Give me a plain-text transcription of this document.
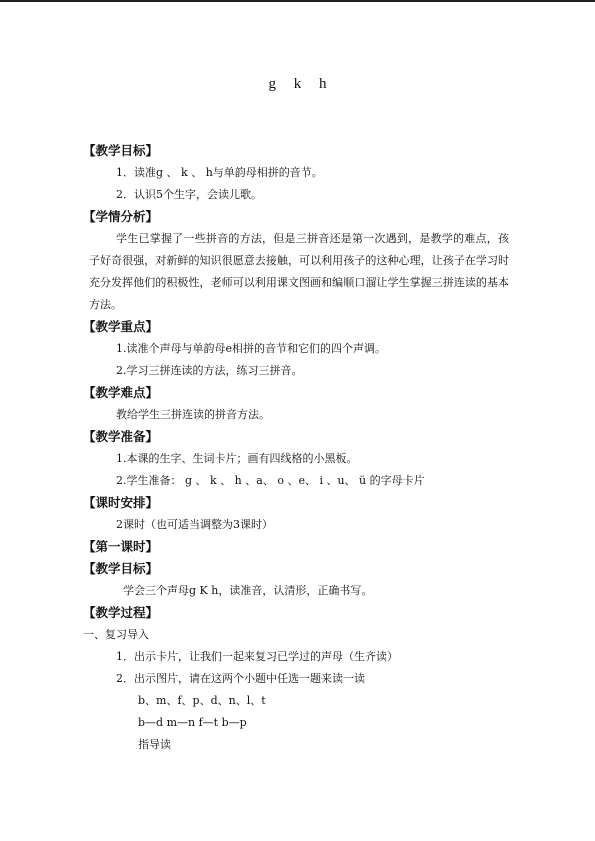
g k h
【教学目标】
1．读准g 、 k 、 h与单韵母相拼的音节。
2．认识5个生字，会读儿歌。
【学情分析】
学生已掌握了一些拼音的方法，但是三拼音还是第一次遇到，是教学的难点，孩子好奇很强，对新鲜的知识很愿意去接触，可以利用孩子的这种心理，让孩子在学习时充分发挥他们的积极性，老师可以利用课文图画和编顺口溜让学生掌握三拼连读的基本方法。
【教学重点】
1.读准个声母与单韵母e相拼的音节和它们的四个声调。
2.学习三拼连读的方法，练习三拼音。
【教学难点】
教给学生三拼连读的拼音方法。
【教学准备】
1.本课的生字、生词卡片；画有四线格的小黑板。
2.学生准备： g 、 k 、 h 、a、 o 、e、 i 、u、 ü 的字母卡片
【课时安排】
2课时（也可适当调整为3课时）
【第一课时】
【教学目标】
学会三个声母g K h，读准音，认清形，正确书写。
【教学过程】
一、复习导入
1．出示卡片，让我们一起来复习已学过的声母（生齐读）
2．出示图片，请在这两个小题中任选一题来读一读
b、m、f、p、d、n、l、t
b—d m—n f—t b—p
指导读
